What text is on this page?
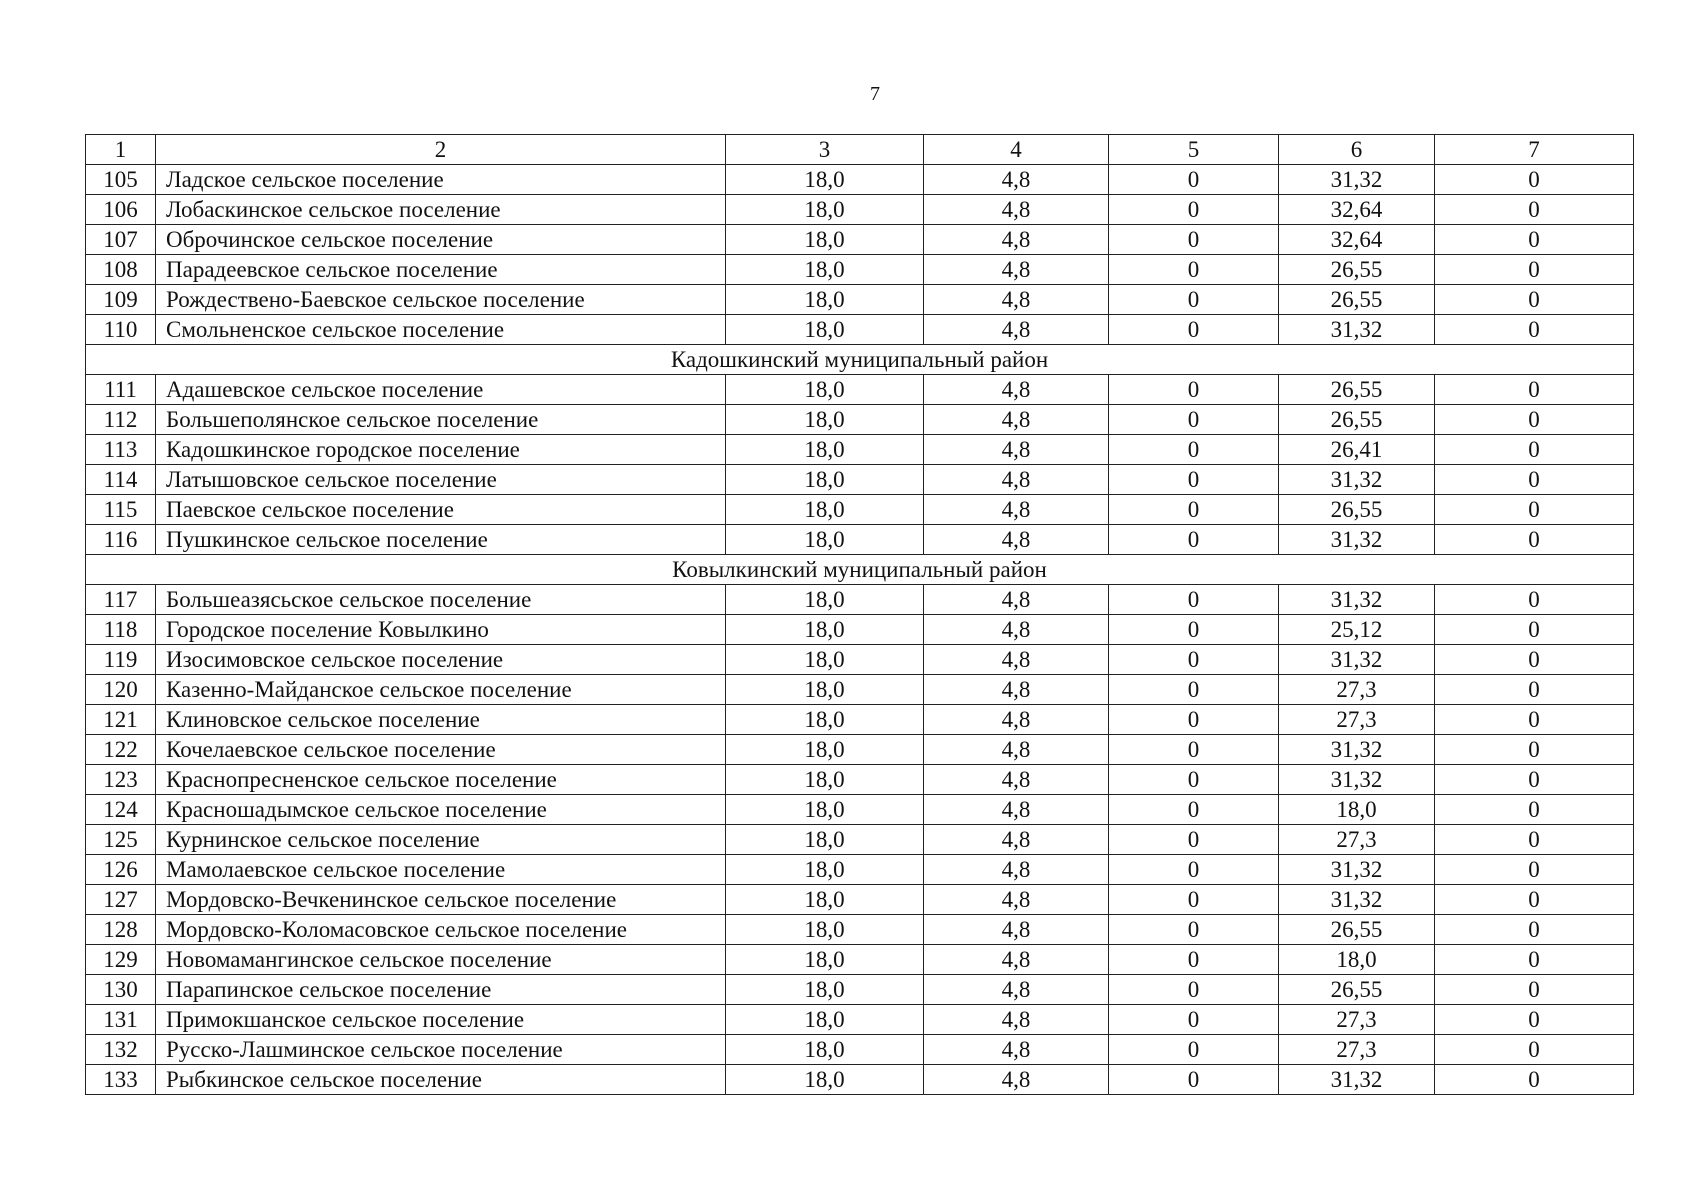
7
1	2	3	4	5	6	7
105	Ладское сельское поселение	18,0	4,8	0	31,32	0
106	Лобаскинское сельское поселение	18,0	4,8	0	32,64	0
107	Оброчинское сельское поселение	18,0	4,8	0	32,64	0
108	Парадеевское сельское поселение	18,0	4,8	0	26,55	0
109	Рождествено-Баевское сельское поселение	18,0	4,8	0	26,55	0
110	Смольненское сельское поселение	18,0	4,8	0	31,32	0
Кадошкинский муниципальный район						
111	Адашевское сельское поселение	18,0	4,8	0	26,55	0
112	Большеполянское сельское поселение	18,0	4,8	0	26,55	0
113	Кадошкинское городское поселение	18,0	4,8	0	26,41	0
114	Латышовское сельское поселение	18,0	4,8	0	31,32	0
115	Паевское сельское поселение	18,0	4,8	0	26,55	0
116	Пушкинское сельское поселение	18,0	4,8	0	31,32	0
Ковылкинский муниципальный район						
117	Большеазясьское сельское поселение	18,0	4,8	0	31,32	0
118	Городское поселение Ковылкино	18,0	4,8	0	25,12	0
119	Изосимовское сельское поселение	18,0	4,8	0	31,32	0
120	Казенно-Майданское сельское поселение	18,0	4,8	0	27,3	0
121	Клиновское сельское поселение	18,0	4,8	0	27,3	0
122	Кочелаевское сельское поселение	18,0	4,8	0	31,32	0
123	Краснопресненское сельское поселение	18,0	4,8	0	31,32	0
124	Красношадымское сельское поселение	18,0	4,8	0	18,0	0
125	Курнинское сельское поселение	18,0	4,8	0	27,3	0
126	Мамолаевское сельское поселение	18,0	4,8	0	31,32	0
127	Мордовско-Вечкенинское сельское поселение	18,0	4,8	0	31,32	0
128	Мордовско-Коломасовское сельское поселение	18,0	4,8	0	26,55	0
129	Новомамангинское сельское поселение	18,0	4,8	0	18,0	0
130	Парапинское сельское поселение	18,0	4,8	0	26,55	0
131	Примокшанское сельское поселение	18,0	4,8	0	27,3	0
132	Русско-Лашминское сельское поселение	18,0	4,8	0	27,3	0
133	Рыбкинское сельское поселение	18,0	4,8	0	31,32	0
